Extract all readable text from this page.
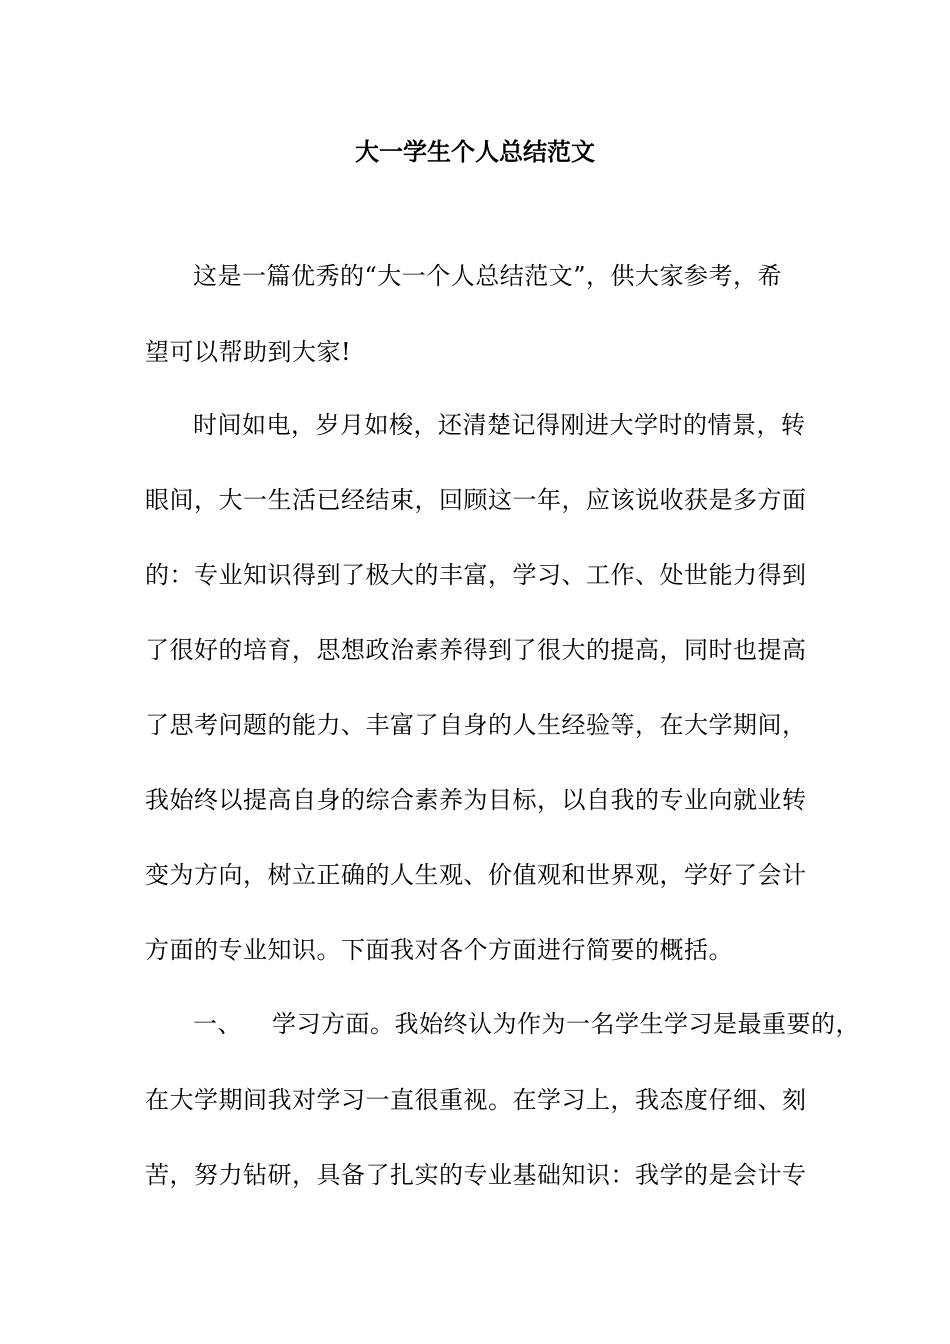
大一学生个人总结范文
这是一篇优秀的“大一个人总结范文”，供大家参考，希
望可以帮助到大家!
时间如电，岁月如梭，还清楚记得刚进大学时的情景，转
眼间，大一生活已经结束，回顾这一年，应该说收获是多方面
的：专业知识得到了极大的丰富，学习、工作、处世能力得到
了很好的培育，思想政治素养得到了很大的提高，同时也提高
了思考问题的能力、丰富了自身的人生经验等，在大学期间，
我始终以提高自身的综合素养为目标，以自我的专业向就业转
变为方向，树立正确的人生观、价值观和世界观，学好了会计
方面的专业知识。下面我对各个方面进行简要的概括。
一、 学习方面。我始终认为作为一名学生学习是最重要的，
在大学期间我对学习一直很重视。在学习上，我态度仔细、刻
苦，努力钻研，具备了扎实的专业基础知识：我学的是会计专
